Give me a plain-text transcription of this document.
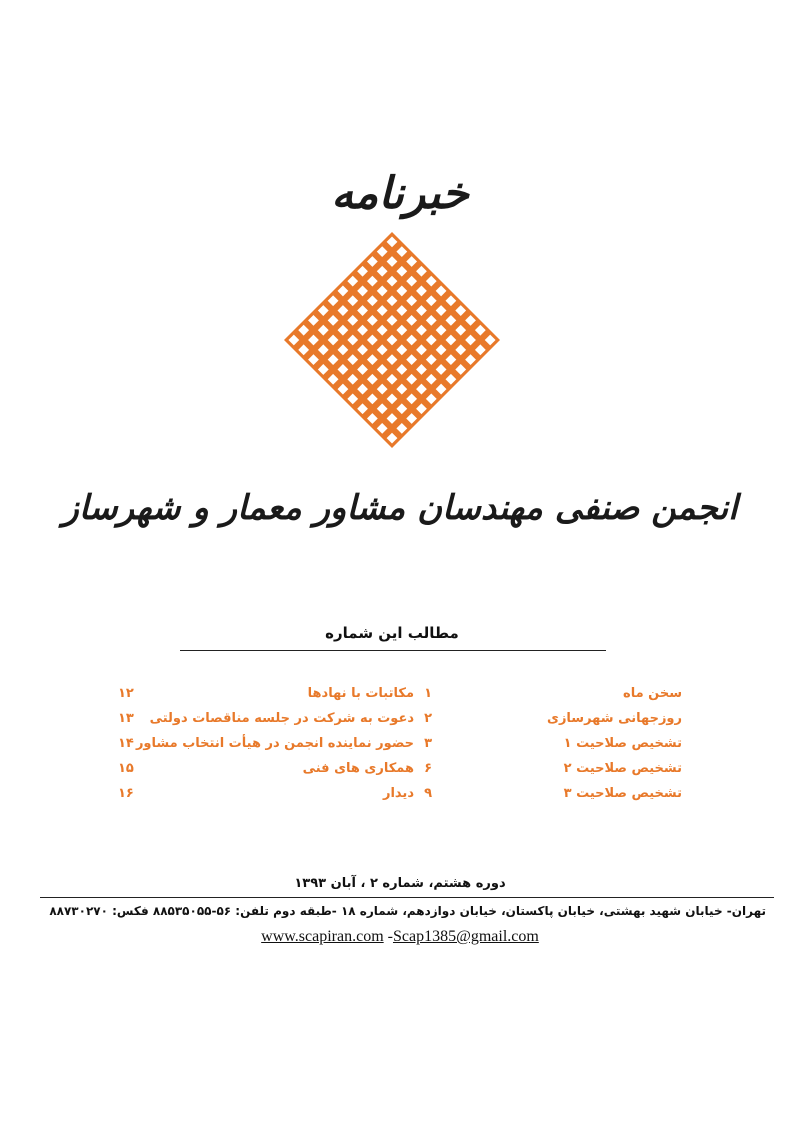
خبرنامه
انجمن صنفی مهندسان مشاور معمار و شهرساز
مطالب این شماره
سخن ماه
۱
مکاتبات با نهادها
۱۲
روزجهانی شهرسازی
۲
دعوت به شرکت در جلسه مناقصات دولتی
۱۳
تشخیص صلاحیت ۱
۳
حضور نماینده انجمن در هیأت انتخاب مشاور
۱۴
تشخیص صلاحیت ۲
۶
همکاری های فنی
۱۵
تشخیص صلاحیت ۳
۹
دیدار
۱۶
دوره هشتم، شماره ۲ ، آبان ۱۳۹۳
تهران- خیابان شهید بهشتی، خیابان پاکستان، خیابان دوازدهم، شماره ۱۸ -طبقه دوم تلفن: ۵۶-۸۸۵۳۵۰۵۵ فکس: ۸۸۷۳۰۲۷۰
www.scapiran.com -Scap1385@gmail.com
